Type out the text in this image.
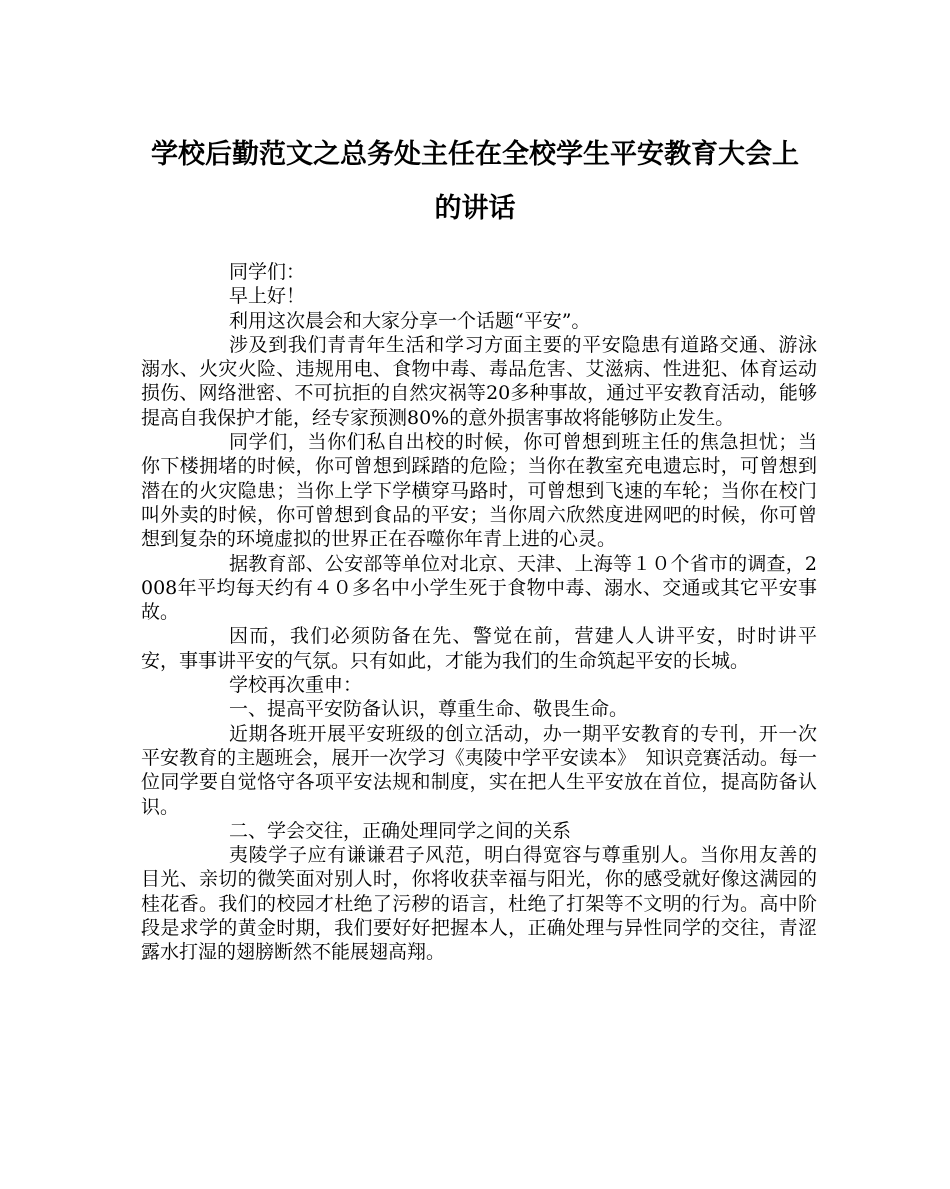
学校后勤范文之总务处主任在全校学生平安教育大会上的讲话

同学们：

早上好！

利用这次晨会和大家分享一个话题“平安”。

涉及到我们青青年生活和学习方面主要的平安隐患有道路交通、游泳溺水、火灾火险、违规用电、食物中毒、毒品危害、艾滋病、性进犯、体育运动损伤、网络泄密、不可抗拒的自然灾祸等20多种事故，通过平安教育活动，能够提高自我保护才能，经专家预测80%的意外损害事故将能够防止发生。

同学们，当你们私自出校的时候，你可曾想到班主任的焦急担忧；当你下楼拥堵的时候，你可曾想到踩踏的危险；当你在教室充电遗忘时，可曾想到潜在的火灾隐患；当你上学下学横穿马路时，可曾想到飞速的车轮；当你在校门叫外卖的时候，你可曾想到食品的平安；当你周六欣然度进网吧的时候，你可曾想到复杂的环境虚拟的世界正在吞噬你年青上进的心灵。

据教育部、公安部等单位对北京、天津、上海等１０个省市的调查，2008年平均每天约有４０多名中小学生死于食物中毒、溺水、交通或其它平安事故。

因而，我们必须防备在先、警觉在前，营建人人讲平安，时时讲平安，事事讲平安的气氛。只有如此，才能为我们的生命筑起平安的长城。

学校再次重申：

一、提高平安防备认识，尊重生命、敬畏生命。

近期各班开展平安班级的创立活动，办一期平安教育的专刊，开一次平安教育的主题班会，展开一次学习《夷陵中学平安读本》　知识竞赛活动。每一位同学要自觉恪守各项平安法规和制度，实在把人生平安放在首位，提高防备认识。

二、学会交往，正确处理同学之间的关系

夷陵学子应有谦谦君子风范，明白得宽容与尊重别人。当你用友善的目光、亲切的微笑面对别人时，你将收获幸福与阳光，你的感受就好像这满园的桂花香。我们的校园才杜绝了污秽的语言，杜绝了打架等不文明的行为。高中阶段是求学的黄金时期，我们要好好把握本人，正确处理与异性同学的交往，青涩露水打湿的翅膀断然不能展翅高翔。
